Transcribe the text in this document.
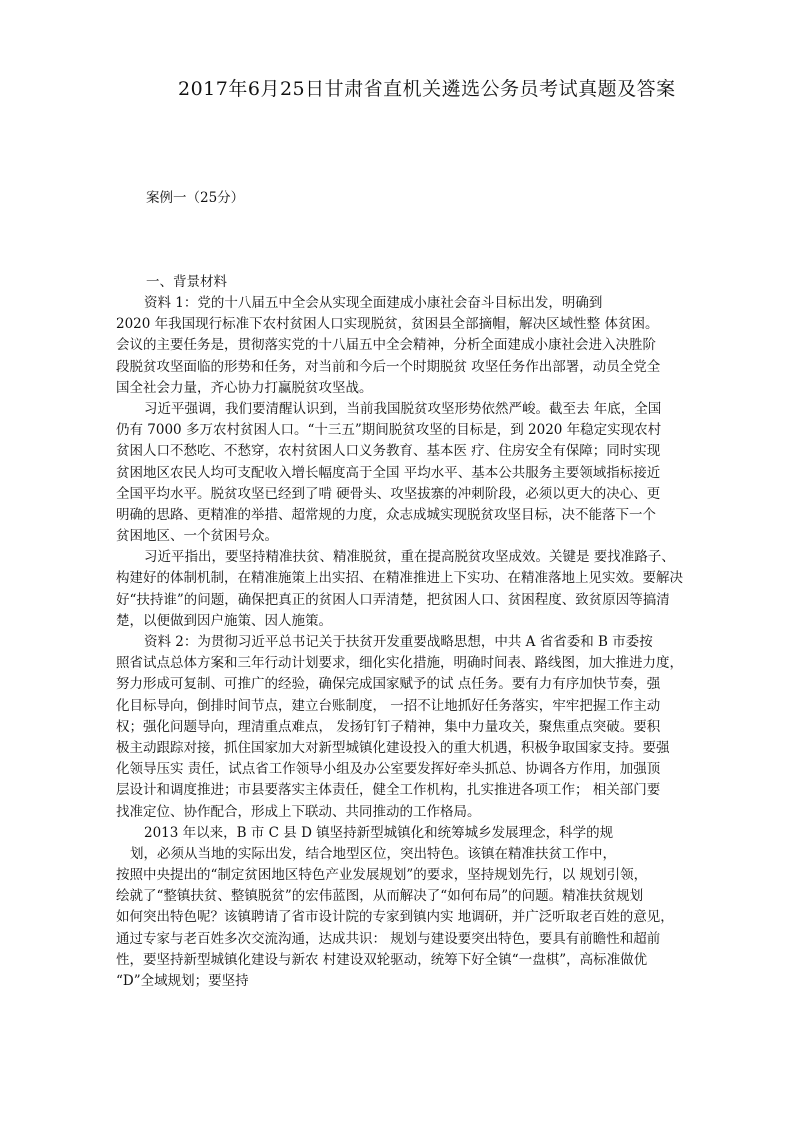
2017年6月25日甘肃省直机关遴选公务员考试真题及答案
案例一（25分）
一、背景材料
资料 1：党的十八届五中全会从实现全面建成小康社会奋斗目标出发，明确到
2020 年我国现行标准下农村贫困人口实现脱贫，贫困县全部摘帽，解决区域性整 体贫困。
会议的主要任务是，贯彻落实党的十八届五中全会精神，分析全面建成小康社会进入决胜阶
段脱贫攻坚面临的形势和任务，对当前和今后一个时期脱贫 攻坚任务作出部署，动员全党全
国全社会力量，齐心协力打赢脱贫攻坚战。
习近平强调，我们要清醒认识到，当前我国脱贫攻坚形势依然严峻。截至去 年底，全国
仍有 7000 多万农村贫困人口。“十三五”期间脱贫攻坚的目标是，到 2020 年稳定实现农村
贫困人口不愁吃、不愁穿，农村贫困人口义务教育、基本医 疗、住房安全有保障；同时实现
贫困地区农民人均可支配收入增长幅度高于全国 平均水平、基本公共服务主要领域指标接近
全国平均水平。脱贫攻坚已经到了啃 硬骨头、攻坚拔寨的冲刺阶段，必须以更大的决心、更
明确的思路、更精准的举措、超常规的力度，众志成城实现脱贫攻坚目标，决不能落下一个
贫困地区、一个贫困号众。
习近平指出，要坚持精准扶贫、精准脱贫，重在提高脱贫攻坚成效。关键是 要找准路子、
构建好的体制机制，在精准施策上出实招、在精准推进上下实功、在精准落地上见实效。要解决
好“扶持谁”的问题，确保把真正的贫困人口弄清楚，把贫困人口、贫困程度、致贫原因等搞清
楚，以便做到因户施策、因人施策。
资料 2：为贯彻习近平总书记关于扶贫开发重要战略思想，中共 A 省省委和 B 市委按
照省试点总体方案和三年行动计划要求，细化实化措施，明确时间表、路线图，加大推进力度，
努力形成可复制、可推广的经验，确保完成国家赋予的试 点任务。要有力有序加快节奏，强
化目标导向，倒排时间节点，建立台账制度， 一招不让地抓好任务落实，牢牢把握工作主动
权；强化问题导向，理清重点难点， 发扬钉钉子精神，集中力量攻关，聚焦重点突破。要积
极主动跟踪对接，抓住国家加大对新型城镇化建设投入的重大机遇，积极争取国家支持。要强
化领导压实 责任，试点省工作领导小组及办公室要发挥好牵头抓总、协调各方作用，加强顶
层设计和调度推进；市县要落实主体责任，健全工作机构，扎实推进各项工作； 相关部门要
找准定位、协作配合，形成上下联动、共同推动的工作格局。
2013 年以来，B 市 C 县 D 镇坚持新型城镇化和统筹城乡发展理念，科学的规
划，必须从当地的实际出发，结合地型区位，突出特色。该镇在精准扶贫工作中，
按照中央提出的“制定贫困地区特色产业发展规划”的要求，坚持规划先行，以 规划引领，
绘就了“整镇扶贫、整镇脱贫”的宏伟蓝图，从而解决了“如何布局”的问题。精准扶贫规划
如何突出特色呢？该镇聘请了省市设计院的专家到镇内实 地调研，并广泛听取老百姓的意见，
通过专家与老百姓多次交流沟通，达成共识： 规划与建设要突出特色，要具有前瞻性和超前
性，要坚持新型城镇化建设与新农 村建设双轮驱动，统筹下好全镇“一盘棋”，高标准做优
“D”全域规划；要坚持
